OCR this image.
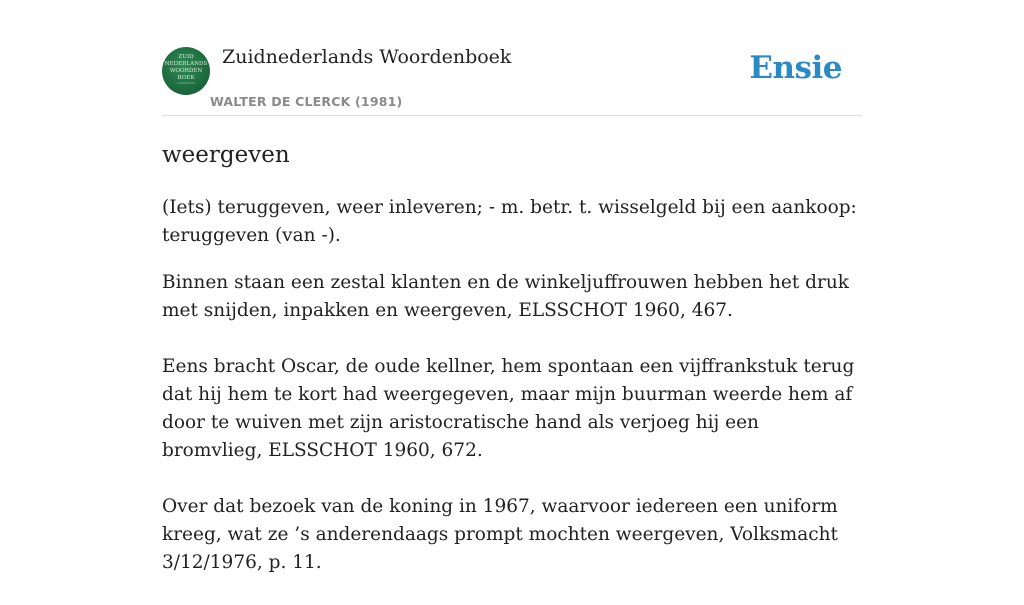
ZUID
NEDERLANDS
WOORDEN
BOEK
Zuidnederlands Woordenboek
WALTER DE CLERCK (1981)
Ensie
weergeven

(Iets) teruggeven, weer inleveren; - m. betr. t. wisselgeld bij een aankoop: teruggeven (van -).

Binnen staan een zestal klanten en de winkeljuffrouwen hebben het druk met snijden, inpakken en weergeven, ELSSCHOT 1960, 467.

Eens bracht Oscar, de oude kellner, hem spontaan een vijffrankstuk terug dat hij hem te kort had weergegeven, maar mijn buurman weerde hem af door te wuiven met zijn aristocratische hand als verjoeg hij een bromvlieg, ELSSCHOT 1960, 672.

Over dat bezoek van de koning in 1967, waarvoor iedereen een uniform kreeg, wat ze ’s anderendaags prompt mochten weergeven, Volksmacht 3/12/1976, p. 11.
